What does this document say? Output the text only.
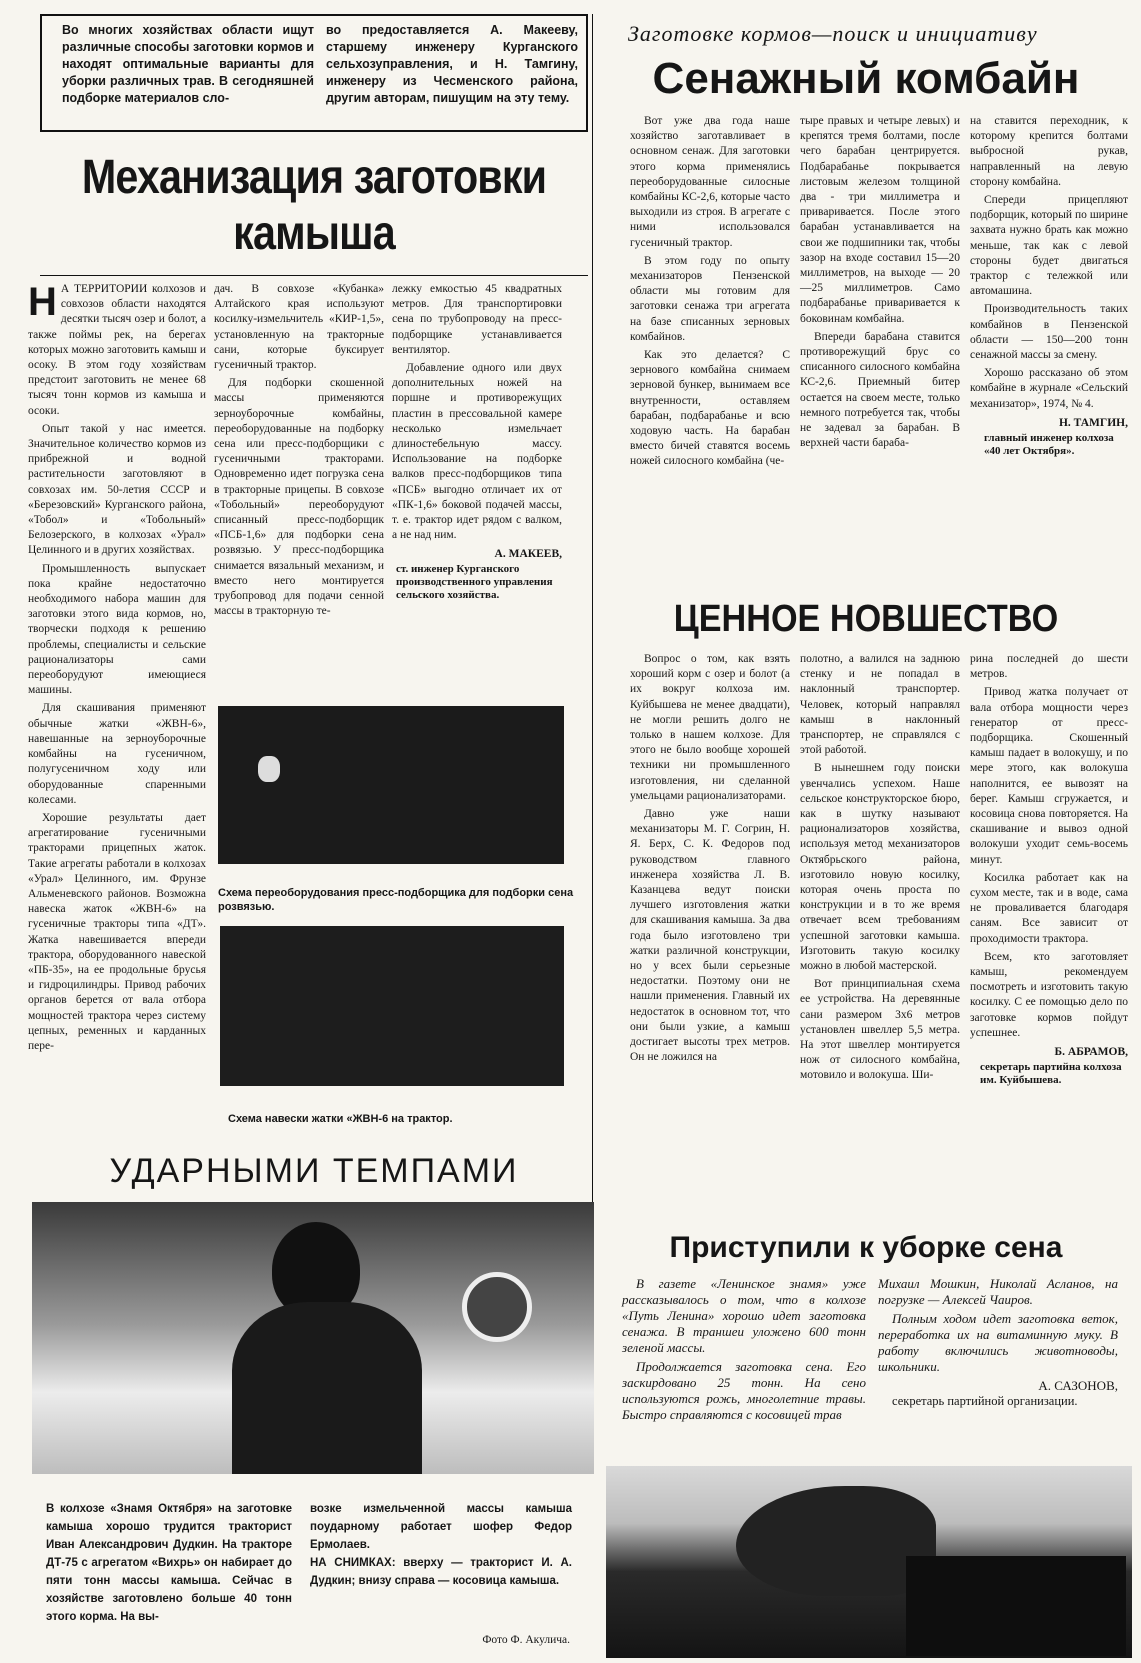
Во многих хозяйствах области ищут различные способы заготовки кормов и находят оптимальные варианты для уборки различных трав. В сегодняшней подборке материалов сло-
во предоставляется А. Макееву, старшему инженеру Курганского сельхозуправления, и Н. Тамгину, инженеру из Чесменского района, другим авторам, пишущим на эту тему.
Механизация заготовки камыша
Н А ТЕРРИТОРИИ колхозов и совхозов области находятся десятки тысяч озер и болот, а также поймы рек, на берегах которых можно заготовить камыш и осоку. В этом году хозяйствам предстоит заготовить не менее 68 тысяч тонн кормов из камыша и осоки.

Опыт такой у нас имеется. Значительное количество кормов из прибрежной и водной растительности заготовляют в совхозах им. 50-летия СССР и «Березовский» Курганского района, «Тобол» и «Тобольный» Белозерского, в колхозах «Урал» Целинного и в других хозяйствах.

Промышленность выпускает пока крайне недостаточно необходимого набора машин для заготовки этого вида кормов, но, творчески подходя к решению проблемы, специалисты и сельские рационализаторы сами переоборудуют имеющиеся машины.

Для скашивания применяют обычные жатки «ЖВН-6», навешанные на зерноуборочные комбайны на гусеничном, полугусеничном ходу или оборудованные спаренными колесами.

Хорошие результаты дает агрегатирование гусеничными тракторами прицепных жаток. Такие агрегаты работали в колхозах «Урал» Целинного, им. Фрунзе Альменевского районов. Возможна навеска жаток «ЖВН-6» на гусеничные тракторы типа «ДТ». Жатка навешивается впереди трактора, оборудованного навеской «ПБ-35», на ее продольные брусья и гидроцилиндры. Привод рабочих органов берется от вала отбора мощностей трактора через систему цепных, ременных и карданных пере-

дач. В совхозе «Кубанка» Алтайского края используют косилку-измельчитель «КИР-1,5», установленную на тракторные сани, которые буксирует гусеничный трактор.

Для подборки скошенной массы применяются зерноуборочные комбайны, переоборудованные на подборку сена или пресс-подборщики с гусеничными тракторами. Одновременно идет погрузка сена в тракторные прицепы. В совхозе «Тобольный» переоборудуют списанный пресс-подборщик «ПСБ-1,6» для подборки сена розвязью. У пресс-подборщика снимается вязальный механизм, и вместо него монтируется трубопровод для подачи сенной массы в тракторную те-

лежку емкостью 45 квадратных метров. Для транспортировки сена по трубопроводу на пресс-подборщике устанавливается вентилятор.

Добавление одного или двух дополнительных ножей на поршне и противорежущих пластин в прессовальной камере несколько измельчает длиностебельную массу. Использование на подборке валков пресс-подборщиков типа «ПСБ» выгодно отличает их от «ПК-1,6» боковой подачей массы, т. е. трактор идет рядом с валком, а не над ним.

А. МАКЕЕВ,
ст. инженер Курганского производственного управления сельского хозяйства.
Схема переоборудования пресс-подборщика для подборки сена розвязью.
Схема навески жатки «ЖВН-6 на трактор.
Заготовке кормов—поиск и инициативу
Сенажный комбайн

Вот уже два года наше хозяйство заготавливает в основном сенаж. Для заготовки этого корма применялись переоборудованные силосные комбайны КС-2,6, которые часто выходили из строя. В агрегате с ними использовался гусеничный трактор.

В этом году по опыту механизаторов Пензенской области мы готовим для заготовки сенажа три агрегата на базе списанных зерновых комбайнов.

Как это делается? С зернового комбайна снимаем зерновой бункер, вынимаем все внутренности, оставляем барабан, подбарабанье и всю ходовую часть. На барабан вместо бичей ставятся восемь ножей силосного комбайна (че-

тыре правых и четыре левых) и крепятся тремя болтами, после чего барабан центрируется. Подбарабанье покрывается листовым железом толщиной два - три миллиметра и приваривается. После этого барабан устанавливается на свои же подшипники так, чтобы зазор на входе составил 15—20 миллиметров, на выходе — 20—25 миллиметров. Само подбарабанье приваривается к боковинам комбайна.

Впереди барабана ставится противорежущий брус со списанного силосного комбайна КС-2,6. Приемный битер остается на своем месте, только немного потребуется так, чтобы не задевал за барабан. В верхней части бараба-

на ставится переходник, к которому крепится болтами выбросной рукав, направленный на левую сторону комбайна.

Спереди прицепляют подборщик, который по ширине захвата нужно брать как можно меньше, так как с левой стороны будет двигаться трактор с тележкой или автомашина.

Производительность таких комбайнов в Пензенской области — 150—200 тонн сенажной массы за смену.

Хорошо рассказано об этом комбайне в журнале «Сельский механизатор», 1974, № 4.

Н. ТАМГИН,
главный инженер колхоза «40 лет Октября».
ЦЕННОЕ НОВШЕСТВО

Вопрос о том, как взять хороший корм с озер и болот (а их вокруг колхоза им. Куйбышева не менее двадцати), не могли решить долго не только в нашем колхозе. Для этого не было вообще хорошей техники ни промышленного изготовления, ни сделанной умельцами рационализаторами.

Давно уже наши механизаторы М. Г. Согрин, Н. Я. Берх, С. К. Федоров под руководством главного инженера хозяйства Л. В. Казанцева ведут поиски лучшего изготовления жатки для скашивания камыша. За два года было изготовлено три жатки различной конструкции, но у всех были серьезные недостатки. Поэтому они не нашли применения. Главный их недостаток в основном тот, что они были узкие, а камыш достигает высоты трех метров. Он не ложился на

полотно, а валился на заднюю стенку и не попадал в наклонный транспортер. Человек, который направлял камыш в наклонный транспортер, не справлялся с этой работой.

В нынешнем году поиски увенчались успехом. Наше сельское конструкторское бюро, как в шутку называют рационализаторов хозяйства, используя метод механизаторов Октябрьского района, изготовило новую косилку, которая очень проста по конструкции и в то же время отвечает всем требованиям успешной заготовки камыша. Изготовить такую косилку можно в любой мастерской.

Вот принципиальная схема ее устройства. На деревянные сани размером 3х6 метров установлен швеллер 5,5 метра. На этот швеллер монтируется нож от силосного комбайна, мотовило и волокуша. Ши-

рина последней до шести метров.

Привод жатка получает от вала отбора мощности через генератор от пресс-подборщика. Скошенный камыш падает в волокушу, и по мере этого, как волокуша наполнится, ее вывозят на берег. Камыш сгружается, и косовица снова повторяется. На скашивание и вывоз одной волокуши уходит семь-восемь минут.

Косилка работает как на сухом месте, так и в воде, сама не проваливается благодаря саням. Все зависит от проходимости трактора.

Всем, кто заготовляет камыш, рекомендуем посмотреть и изготовить такую косилку. С ее помощью дело по заготовке кормов пойдут успешнее.

Б. АБРАМОВ,
секретарь партийна колхоза им. Куйбышева.
УДАРНЫМИ ТЕМПАМИ
В колхозе «Знамя Октября» на заготовке камыша хорошо трудится тракторист Иван Александрович Дудкин. На тракторе ДТ-75 с агрегатом «Вихрь» он набирает до пяти тонн массы камыша. Сейчас в хозяйстве заготовлено больше 40 тонн этого корма. На вы-
возке измельченной массы камыша поударному работает шофер Федор Ермолаев.
НА СНИМКАХ: вверху — тракторист И. А. Дудкин; внизу справа — косовица камыша.
Фото Ф. Акулича.
Приступили к уборке сена

В газете «Ленинское знамя» уже рассказывалось о том, что в колхозе «Путь Ленина» хорошо идет заготовка сенажа. В траншеи уложено 600 тонн зеленой массы.

Продолжается заготовка сена. Его заскирдовано 25 тонн. На сено используются рожь, многолетние травы. Быстро справляются с косовицей трав

Михаил Мошкин, Николай Асланов, на погрузке — Алексей Чаиров.

Полным ходом идет заготовка веток, переработка их на витаминную муку. В работу включились животноводы, школьники.

А. САЗОНОВ,
секретарь партийной организации.
